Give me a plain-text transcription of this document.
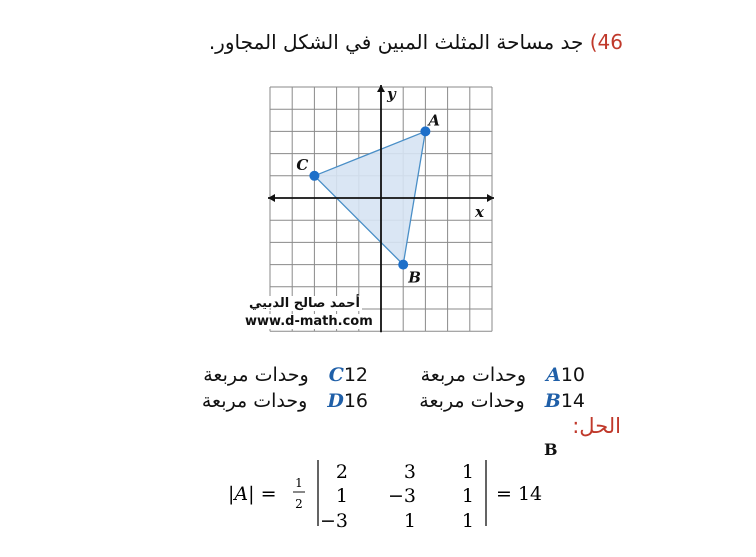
46) جد مساحة المثلث المبين في الشكل المجاور.
x
y
A
B
C
أحمد صالح الدبيي
www.d-math.com
A10 وحدات مربعة
B14 وحدات مربعة
C12 وحدات مربعة
D16 وحدات مربعة
الحل:
B
|A| = 1
2
2	3 1
1 −3 1
−3	1 1
= 14
